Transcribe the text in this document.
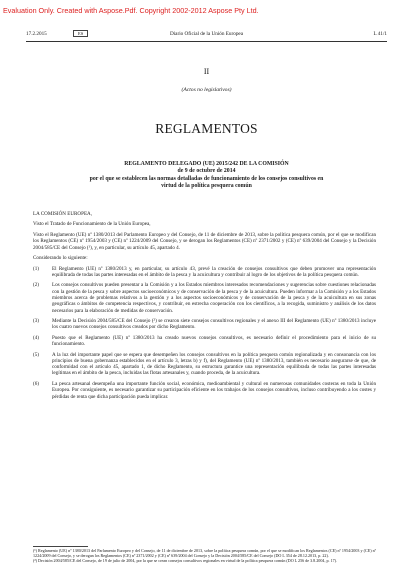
Evaluation Only. Created with Aspose.Pdf. Copyright 2002-2012 Aspose Pty Ltd.
17.2.2015	ES	Diario Oficial de la Unión Europea	L 41/1
II
(Actos no legislativos)
REGLAMENTOS
REGLAMENTO DELEGADO (UE) 2015/242 DE LA COMISIÓN
de 9 de octubre de 2014
por el que se establecen las normas detalladas de funcionamiento de los consejos consultivos en
virtud de la política pesquera común

LA COMISIÓN EUROPEA,

Visto el Tratado de Funcionamiento de la Unión Europea,

Visto el Reglamento (UE) nº 1380/2013 del Parlamento Europeo y del Consejo, de 11 de diciembre de 2013, sobre la política pesquera común, por el que se modifican los Reglamentos (CE) nº 1954/2003 y (CE) nº 1224/2009 del Consejo, y se derogan los Reglamentos (CE) nº 2371/2002 y (CE) nº 639/2004 del Consejo y la Decisión 2004/585/CE del Consejo (¹), y, en particular, su artículo 45, apartado 4.

Considerando lo siguiente:

(1)	El Reglamento (UE) nº 1380/2013 y, en particular, su artículo 43, prevé la creación de consejos consultivos que deben promover una representación equilibrada de todas las partes interesadas en el ámbito de la pesca y la acuicultura y contribuir al logro de los objetivos de la política pesquera común.
(2)	Los consejos consultivos pueden presentar a la Comisión y a los Estados miembros interesados recomendaciones y sugerencias sobre cuestiones relacionadas con la gestión de la pesca y sobre aspectos socioeconómicos y de conservación de la pesca y de la acuicultura. Pueden informar a la Comisión y a los Estados miembros acerca de problemas relativos a la gestión y a los aspectos socioeconómicos y de conservación de la pesca y de la acuicultura en sus zonas geográficas o ámbitos de competencia respectivos, y contribuir, en estrecha cooperación con los científicos, a la recogida, suministro y análisis de los datos necesarios para la elaboración de medidas de conservación.
(3)	Mediante la Decisión 2004/585/CE del Consejo (²) se crearon siete consejos consultivos regionales y el anexo III del Reglamento (UE) nº 1380/2013 incluye los cuatro nuevos consejos consultivos creados por dicho Reglamento.
(4)	Puesto que el Reglamento (UE) nº 1380/2013 ha creado nuevos consejos consultivos, es necesario definir el procedimiento para el inicio de su funcionamiento.
(5)	A la luz del importante papel que se espera que desempeñen los consejos consultivos en la política pesquera común regionalizada y en consonancia con los principios de buena gobernanza establecidos en el artículo 3, letras b) y f), del Reglamento (UE) nº 1380/2013, también es necesario asegurarse de que, de conformidad con el artículo 45, apartado 1, de dicho Reglamento, su estructura garantice una representación equilibrada de todas las partes interesadas legítimas en el ámbito de la pesca, incluidas las flotas artesanales y, cuando proceda, de la acuicultura.
(6)	La pesca artesanal desempeña una importante función social, económica, medioambiental y cultural en numerosas comunidades costeras en toda la Unión Europea. Por consiguiente, es necesario garantizar su participación eficiente en los trabajos de los consejos consultivos, incluso contribuyendo a los costes y pérdidas de renta que dicha participación pueda implicar.
(¹) Reglamento (UE) nº 1380/2013 del Parlamento Europeo y del Consejo, de 11 de diciembre de 2013, sobre la política pesquera común, por el que se modifican los Reglamentos (CE) nº 1954/2003 y (CE) nº 1224/2009 del Consejo, y se derogan los Reglamentos (CE) nº 2371/2002 y (CE) nº 639/2004 del Consejo y la Decisión 2004/585/CE del Consejo (DO L 354 de 28.12.2013, p. 22).
(²) Decisión 2004/585/CE del Consejo, de 19 de julio de 2004, por la que se crean consejos consultivos regionales en virtud de la política pesquera común (DO L 256 de 3.8.2004, p. 17).
